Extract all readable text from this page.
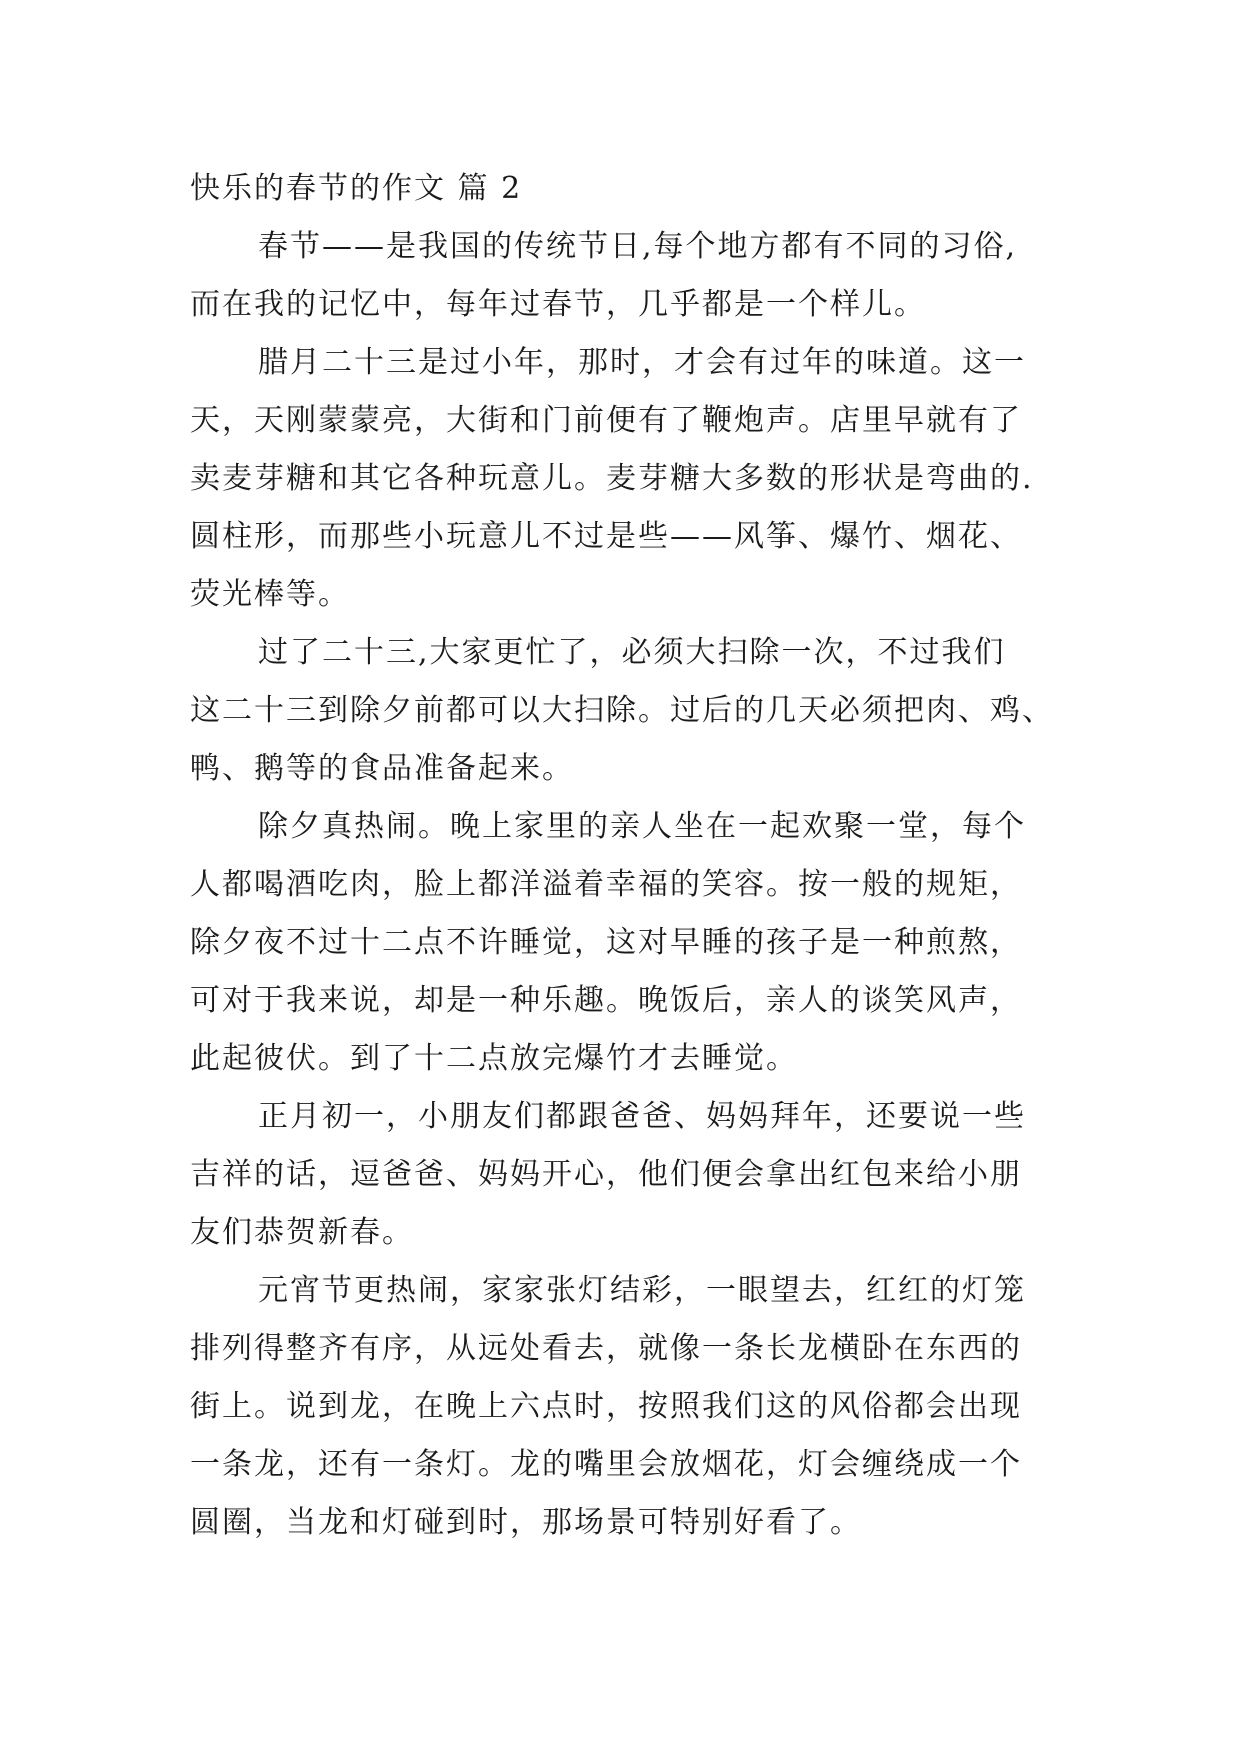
快乐的春节的作文 篇 2
春节——是我国的传统节日,每个地方都有不同的习俗,
而在我的记忆中，每年过春节，几乎都是一个样儿。
腊月二十三是过小年，那时，才会有过年的味道。这一
天，天刚蒙蒙亮，大街和门前便有了鞭炮声。店里早就有了
卖麦芽糖和其它各种玩意儿。麦芽糖大多数的形状是弯曲的.
圆柱形，而那些小玩意儿不过是些——风筝、爆竹、烟花、
荧光棒等。
过了二十三,大家更忙了，必须大扫除一次，不过我们
这二十三到除夕前都可以大扫除。过后的几天必须把肉、鸡、
鸭、鹅等的食品准备起来。
除夕真热闹。晚上家里的亲人坐在一起欢聚一堂，每个
人都喝酒吃肉，脸上都洋溢着幸福的笑容。按一般的规矩，
除夕夜不过十二点不许睡觉，这对早睡的孩子是一种煎熬，
可对于我来说，却是一种乐趣。晚饭后，亲人的谈笑风声，
此起彼伏。到了十二点放完爆竹才去睡觉。
正月初一，小朋友们都跟爸爸、妈妈拜年，还要说一些
吉祥的话，逗爸爸、妈妈开心，他们便会拿出红包来给小朋
友们恭贺新春。
元宵节更热闹，家家张灯结彩，一眼望去，红红的灯笼
排列得整齐有序，从远处看去，就像一条长龙横卧在东西的
街上。说到龙，在晚上六点时，按照我们这的风俗都会出现
一条龙，还有一条灯。龙的嘴里会放烟花，灯会缠绕成一个
圆圈，当龙和灯碰到时，那场景可特别好看了。
